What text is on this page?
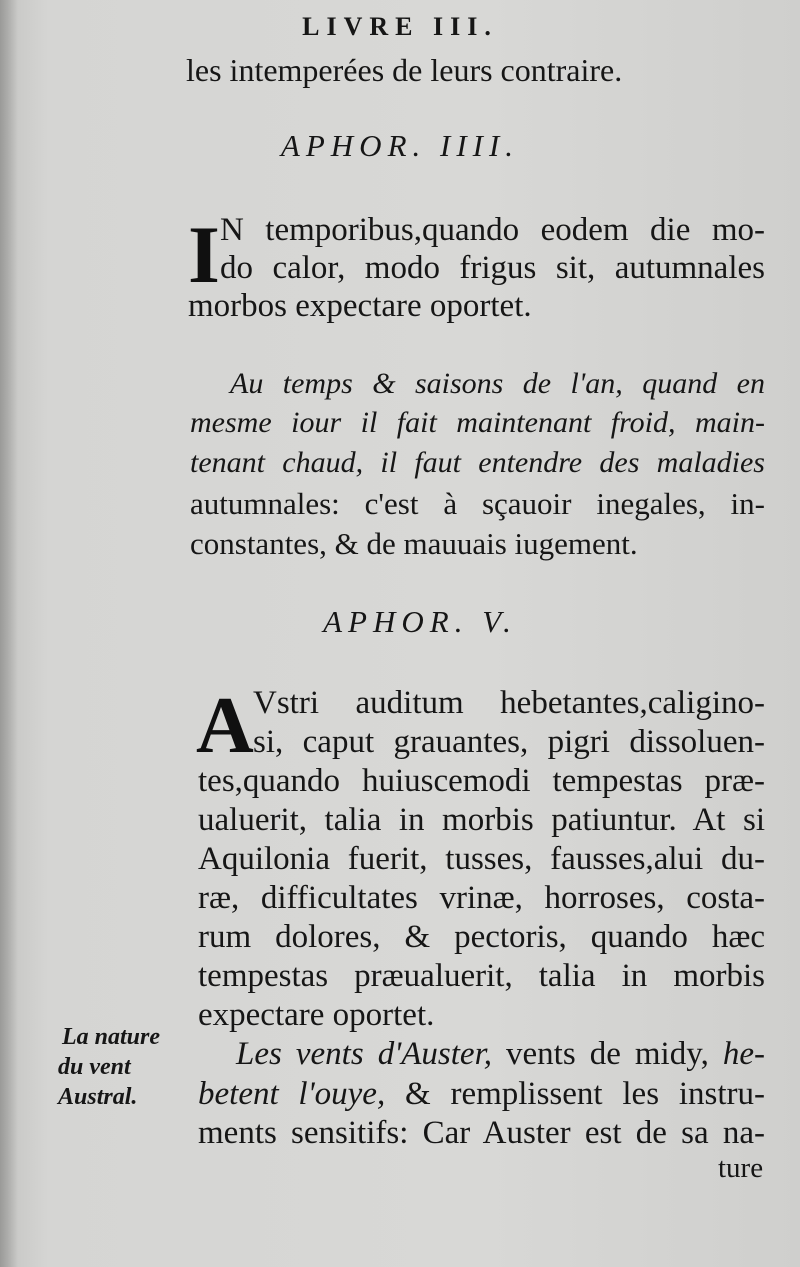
LIVRE III.

les intemperées de leurs contraire.

APHOR. IIII.

I N temporibus,quando eodem die mo-

do calor, modo frigus sit, autumnales

morbos expectare oportet.

Au temps & saisons de l'an, quand en

mesme iour il fait maintenant froid, main-

tenant chaud, il faut entendre des maladies

autumnales: c'est à sçauoir inegales, in-

constantes, & de mauuais iugement.

APHOR. V.

A Vstri auditum hebetantes,caligino-

si, caput grauantes, pigri dissoluen-

tes,quando huiuscemodi tempestas præ-

ualuerit, talia in morbis patiuntur. At si

Aquilonia fuerit, tusses, fausses,alui du-

ræ, difficultates vrinæ, horroses, costa-

rum dolores, & pectoris, quando hæc

tempestas præualuerit, talia in morbis

expectare oportet.

La nature
du vent
Austral.

Les vents d'Auster, vents de midy, he-

betent l'ouye, & remplissent les instru-

ments sensitifs: Car Auster est de sa na-

ture
